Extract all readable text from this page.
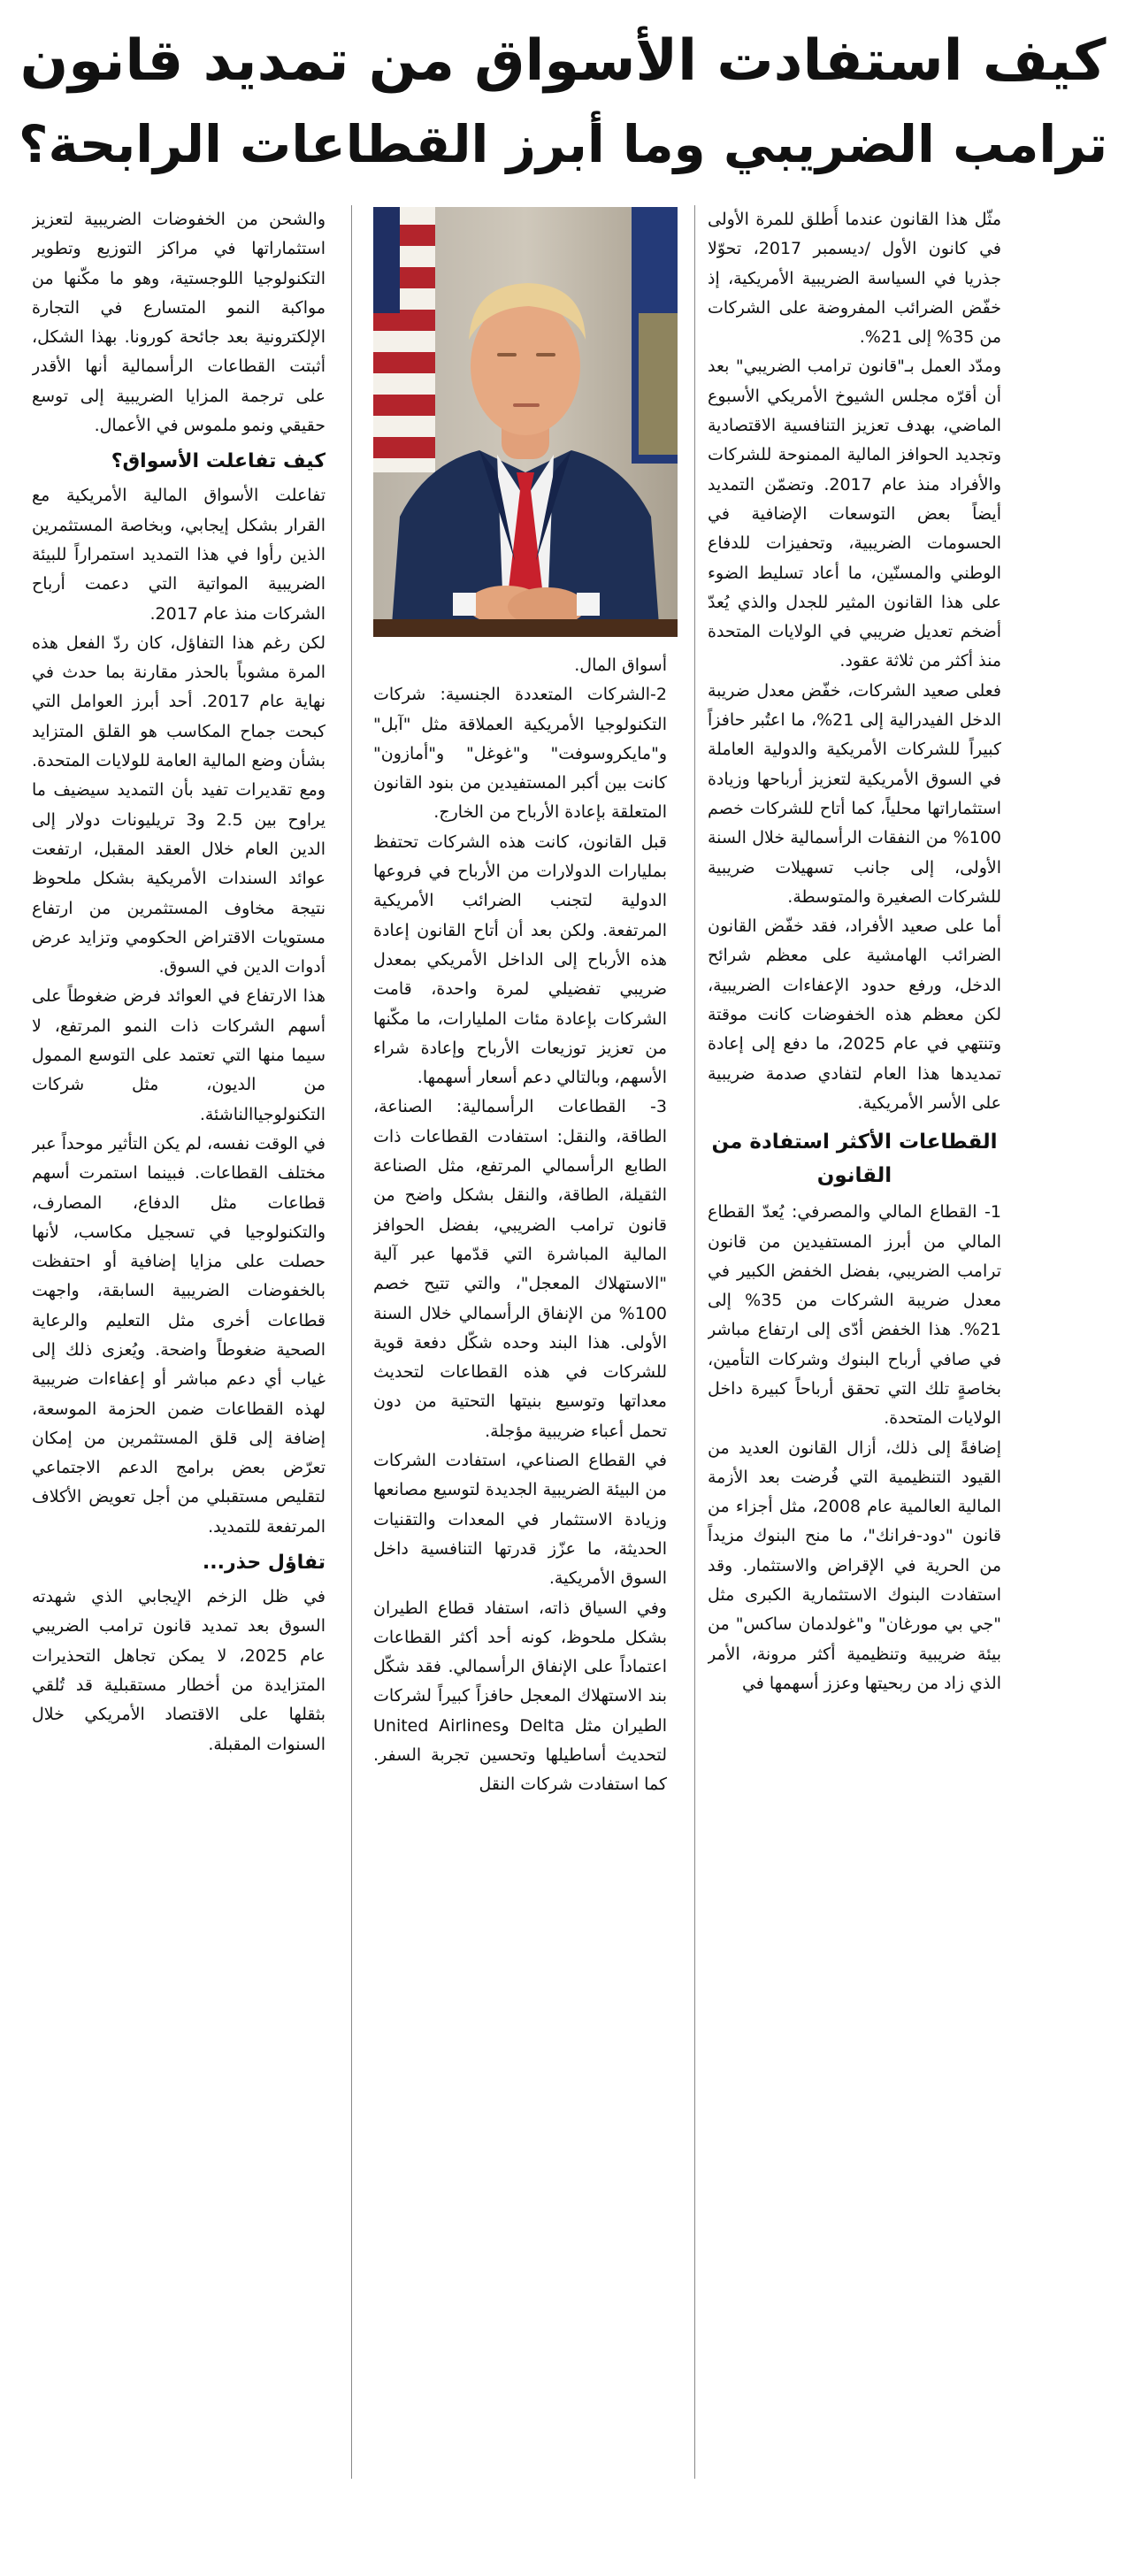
كيف استفادت الأسواق من تمديد قانون
ترامب الضريبي وما أبرز القطاعات الرابحة؟

مثّل هذا القانون عندما أُطلق للمرة الأولى في كانون الأول /ديسمبر 2017، تحوّلا جذريا في السياسة الضريبية الأمريكية، إذ خفّض الضرائب المفروضة على الشركات من 35% إلى 21%.

ومدّد العمل بـ"قانون ترامب الضريبي" بعد أن أقرّه مجلس الشيوخ الأمريكي الأسبوع الماضي، بهدف تعزيز التنافسية الاقتصادية وتجديد الحوافز المالية الممنوحة للشركات والأفراد منذ عام 2017. وتضمّن التمديد أيضاً بعض التوسعات الإضافية في الحسومات الضريبية، وتحفيزات للدفاع الوطني والمسنّين، ما أعاد تسليط الضوء على هذا القانون المثير للجدل والذي يُعدّ أضخم تعديل ضريبي في الولايات المتحدة منذ أكثر من ثلاثة عقود.

فعلى صعيد الشركات، خفّض معدل ضريبة الدخل الفيدرالية إلى 21%، ما اعتُبر حافزاً كبيراً للشركات الأمريكية والدولية العاملة في السوق الأمريكية لتعزيز أرباحها وزيادة استثماراتها محلياً، كما أتاح للشركات خصم 100% من النفقات الرأسمالية خلال السنة الأولى، إلى جانب تسهيلات ضريبية للشركات الصغيرة والمتوسطة.

أما على صعيد الأفراد، فقد خفّض القانون الضرائب الهامشية على معظم شرائح الدخل، ورفع حدود الإعفاءات الضريبية، لكن معظم هذه الخفوضات كانت موقتة وتنتهي في عام 2025، ما دفع إلى إعادة تمديدها هذا العام لتفادي صدمة ضريبية على الأسر الأمريكية.

القطاعات الأكثر استفادة من القانون

1- القطاع المالي والمصرفي: يُعدّ القطاع المالي من أبرز المستفيدين من قانون ترامب الضريبي، بفضل الخفض الكبير في معدل ضريبة الشركات من 35% إلى 21%. هذا الخفض أدّى إلى ارتفاع مباشر في صافي أرباح البنوك وشركات التأمين، بخاصةٍ تلك التي تحقق أرباحاً كبيرة داخل الولايات المتحدة.

إضافةً إلى ذلك، أزال القانون العديد من القيود التنظيمية التي فُرضت بعد الأزمة المالية العالمية عام 2008، مثل أجزاء من قانون "دود-فرانك"، ما منح البنوك مزيداً من الحرية في الإقراض والاستثمار. وقد استفادت البنوك الاستثمارية الكبرى مثل "جي بي مورغان" و"غولدمان ساكس" من بيئة ضريبية وتنظيمية أكثر مرونة، الأمر الذي زاد من ربحيتها وعزز أسهمها في

أسواق المال.

2-الشركات المتعددة الجنسية: شركات التكنولوجيا الأمريكية العملاقة مثل "آبل" و"مايكروسوفت" و"غوغل" و"أمازون" كانت بين أكبر المستفيدين من بنود القانون المتعلقة بإعادة الأرباح من الخارج.

قبل القانون، كانت هذه الشركات تحتفظ بمليارات الدولارات من الأرباح في فروعها الدولية لتجنب الضرائب الأمريكية المرتفعة. ولكن بعد أن أتاح القانون إعادة هذه الأرباح إلى الداخل الأمريكي بمعدل ضريبي تفضيلي لمرة واحدة، قامت الشركات بإعادة مئات المليارات، ما مكّنها من تعزيز توزيعات الأرباح وإعادة شراء الأسهم، وبالتالي دعم أسعار أسهمها.

3- القطاعات الرأسمالية: الصناعة، الطاقة، والنقل: استفادت القطاعات ذات الطابع الرأسمالي المرتفع، مثل الصناعة الثقيلة، الطاقة، والنقل بشكل واضح من قانون ترامب الضريبي، بفضل الحوافز المالية المباشرة التي قدّمها عبر آلية "الاستهلاك المعجل"، والتي تتيح خصم 100% من الإنفاق الرأسمالي خلال السنة الأولى. هذا البند وحده شكّل دفعة قوية للشركات في هذه القطاعات لتحديث معداتها وتوسيع بنيتها التحتية من دون تحمل أعباء ضريبية مؤجلة.

في القطاع الصناعي، استفادت الشركات من البيئة الضريبية الجديدة لتوسيع مصانعها وزيادة الاستثمار في المعدات والتقنيات الحديثة، ما عزّز قدرتها التنافسية داخل السوق الأمريكية.

وفي السياق ذاته، استفاد قطاع الطيران بشكل ملحوظ، كونه أحد أكثر القطاعات اعتماداً على الإنفاق الرأسمالي. فقد شكّل بند الاستهلاك المعجل حافزاً كبيراً لشركات الطيران مثل Delta وUnited Airlines لتحديث أساطيلها وتحسين تجربة السفر. كما استفادت شركات النقل

والشحن من الخفوضات الضريبية لتعزيز استثماراتها في مراكز التوزيع وتطوير التكنولوجيا اللوجستية، وهو ما مكّنها من مواكبة النمو المتسارع في التجارة الإلكترونية بعد جائحة كورونا. بهذا الشكل، أثبتت القطاعات الرأسمالية أنها الأقدر على ترجمة المزايا الضريبية إلى توسع حقيقي ونمو ملموس في الأعمال.

كيف تفاعلت الأسواق؟

تفاعلت الأسواق المالية الأمريكية مع القرار بشكل إيجابي، وبخاصة المستثمرين الذين رأوا في هذا التمديد استمراراً للبيئة الضريبية المواتية التي دعمت أرباح الشركات منذ عام 2017.

لكن رغم هذا التفاؤل، كان ردّ الفعل هذه المرة مشوباً بالحذر مقارنة بما حدث في نهاية عام 2017. أحد أبرز العوامل التي كبحت جماح المكاسب هو القلق المتزايد بشأن وضع المالية العامة للولايات المتحدة. ومع تقديرات تفيد بأن التمديد سيضيف ما يراوح بين 2.5 و3 تريليونات دولار إلى الدين العام خلال العقد المقبل، ارتفعت عوائد السندات الأمريكية بشكل ملحوظ نتيجة مخاوف المستثمرين من ارتفاع مستويات الاقتراض الحكومي وتزايد عرض أدوات الدين في السوق.

هذا الارتفاع في العوائد فرض ضغوطاً على أسهم الشركات ذات النمو المرتفع، لا سيما منها التي تعتمد على التوسع الممول من الديون، مثل شركات التكنولوجياالناشئة.

في الوقت نفسه، لم يكن التأثير موحداً عبر مختلف القطاعات. فبينما استمرت أسهم قطاعات مثل الدفاع، المصارف، والتكنولوجيا في تسجيل مكاسب، لأنها حصلت على مزايا إضافية أو احتفظت بالخفوضات الضريبية السابقة، واجهت قطاعات أخرى مثل التعليم والرعاية الصحية ضغوطاً واضحة. ويُعزى ذلك إلى غياب أي دعم مباشر أو إعفاءات ضريبية لهذه القطاعات ضمن الحزمة الموسعة، إضافة إلى قلق المستثمرين من إمكان تعرّض بعض برامج الدعم الاجتماعي لتقليص مستقبلي من أجل تعويض الأكلاف المرتفعة للتمديد.

تفاؤل حذر...

في ظل الزخم الإيجابي الذي شهدته السوق بعد تمديد قانون ترامب الضريبي عام 2025، لا يمكن تجاهل التحذيرات المتزايدة من أخطار مستقبلية قد تُلقي بثقلها على الاقتصاد الأمريكي خلال السنوات المقبلة.
